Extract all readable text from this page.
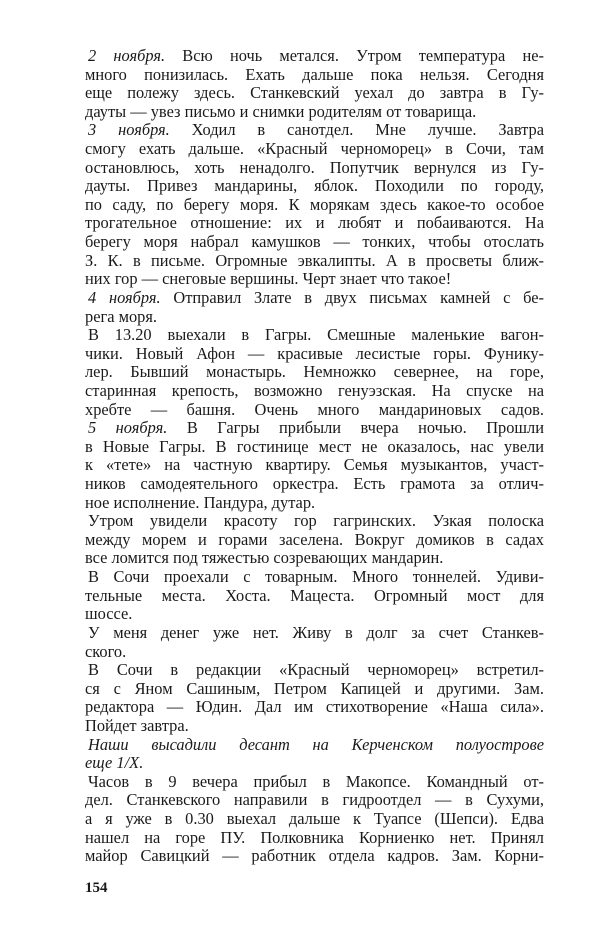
2 ноября. Всю ночь метался. Утром температура не-
много понизилась. Ехать дальше пока нельзя. Сегодня
еще полежу здесь. Станкевский уехал до завтра в Гу-
дауты — увез письмо и снимки родителям от товарища.
3 ноября. Ходил в санотдел. Мне лучше. Завтра
смогу ехать дальше. «Красный черноморец» в Сочи, там
остановлюсь, хоть ненадолго. Попутчик вернулся из Гу-
дауты. Привез мандарины, яблок. Походили по городу,
по саду, по берегу моря. К морякам здесь какое-то особое
трогательное отношение: их и любят и побаиваются. На
берегу моря набрал камушков — тонких, чтобы отослать
З. К. в письме. Огромные эвкалипты. А в просветы ближ-
них гор — снеговые вершины. Черт знает что такое!
4 ноября. Отправил Злате в двух письмах камней с бе-
рега моря.
В 13.20 выехали в Гагры. Смешные маленькие вагон-
чики. Новый Афон — красивые лесистые горы. Фунику-
лер. Бывший монастырь. Немножко севернее, на горе,
старинная крепость, возможно генуэзская. На спуске на
хребте — башня. Очень много мандариновых садов.
5 ноября. В Гагры прибыли вчера ночью. Прошли
в Новые Гагры. В гостинице мест не оказалось, нас увели
к «тете» на частную квартиру. Семья музыкантов, участ-
ников самодеятельного оркестра. Есть грамота за отлич-
ное исполнение. Пандура, дутар.
Утром увидели красоту гор гагринских. Узкая полоска
между морем и горами заселена. Вокруг домиков в садах
все ломится под тяжестью созревающих мандарин.
В Сочи проехали с товарным. Много тоннелей. Удиви-
тельные места. Хоста. Мацеста. Огромный мост для
шоссе.
У меня денег уже нет. Живу в долг за счет Станкев-
ского.
В Сочи в редакции «Красный черноморец» встретил-
ся с Яном Сашиным, Петром Капицей и другими. Зам.
редактора — Юдин. Дал им стихотворение «Наша сила».
Пойдет завтра.
Наши высадили десант на Керченском полуострове
еще 1/X.
Часов в 9 вечера прибыл в Макопсе. Командный от-
дел. Станкевского направили в гидроотдел — в Сухуми,
а я уже в 0.30 выехал дальше к Туапсе (Шепси). Едва
нашел на горе ПУ. Полковника Корниенко нет. Принял
майор Савицкий — работник отдела кадров. Зам. Корни-
154
